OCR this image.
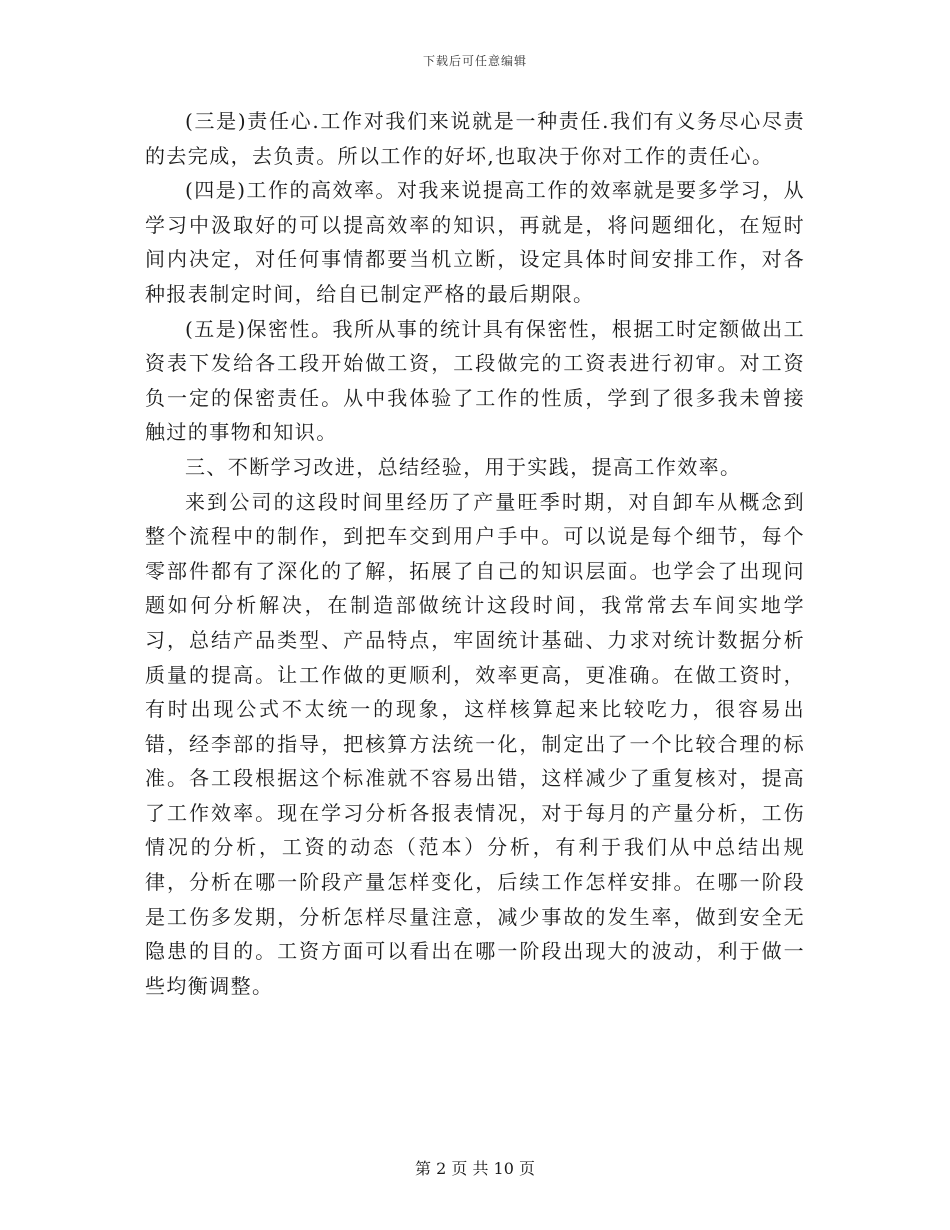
下载后可任意编辑

(三是)责任心.工作对我们来说就是一种责任.我们有义务尽心尽责的去完成，去负责。所以工作的好坏,也取决于你对工作的责任心。

(四是)工作的高效率。对我来说提高工作的效率就是要多学习，从学习中汲取好的可以提高效率的知识，再就是，将问题细化，在短时间内决定，对任何事情都要当机立断，设定具体时间安排工作，对各种报表制定时间，给自已制定严格的最后期限。

(五是)保密性。我所从事的统计具有保密性，根据工时定额做出工资表下发给各工段开始做工资，工段做完的工资表进行初审。对工资负一定的保密责任。从中我体验了工作的性质，学到了很多我未曾接触过的事物和知识。

三、不断学习改进，总结经验，用于实践，提高工作效率。

来到公司的这段时间里经历了产量旺季时期，对自卸车从概念到整个流程中的制作，到把车交到用户手中。可以说是每个细节，每个零部件都有了深化的了解，拓展了自己的知识层面。也学会了出现问题如何分析解决，在制造部做统计这段时间，我常常去车间实地学习，总结产品类型、产品特点，牢固统计基础、力求对统计数据分析质量的提高。让工作做的更顺利，效率更高，更准确。在做工资时，有时出现公式不太统一的现象，这样核算起来比较吃力，很容易出错，经李部的指导，把核算方法统一化，制定出了一个比较合理的标准。各工段根据这个标准就不容易出错，这样减少了重复核对，提高了工作效率。现在学习分析各报表情况，对于每月的产量分析，工伤情况的分析，工资的动态（范本）分析，有利于我们从中总结出规律，分析在哪一阶段产量怎样变化，后续工作怎样安排。在哪一阶段是工伤多发期，分析怎样尽量注意，减少事故的发生率，做到安全无隐患的目的。工资方面可以看出在哪一阶段出现大的波动，利于做一些均衡调整。

第 2 页 共 10 页
